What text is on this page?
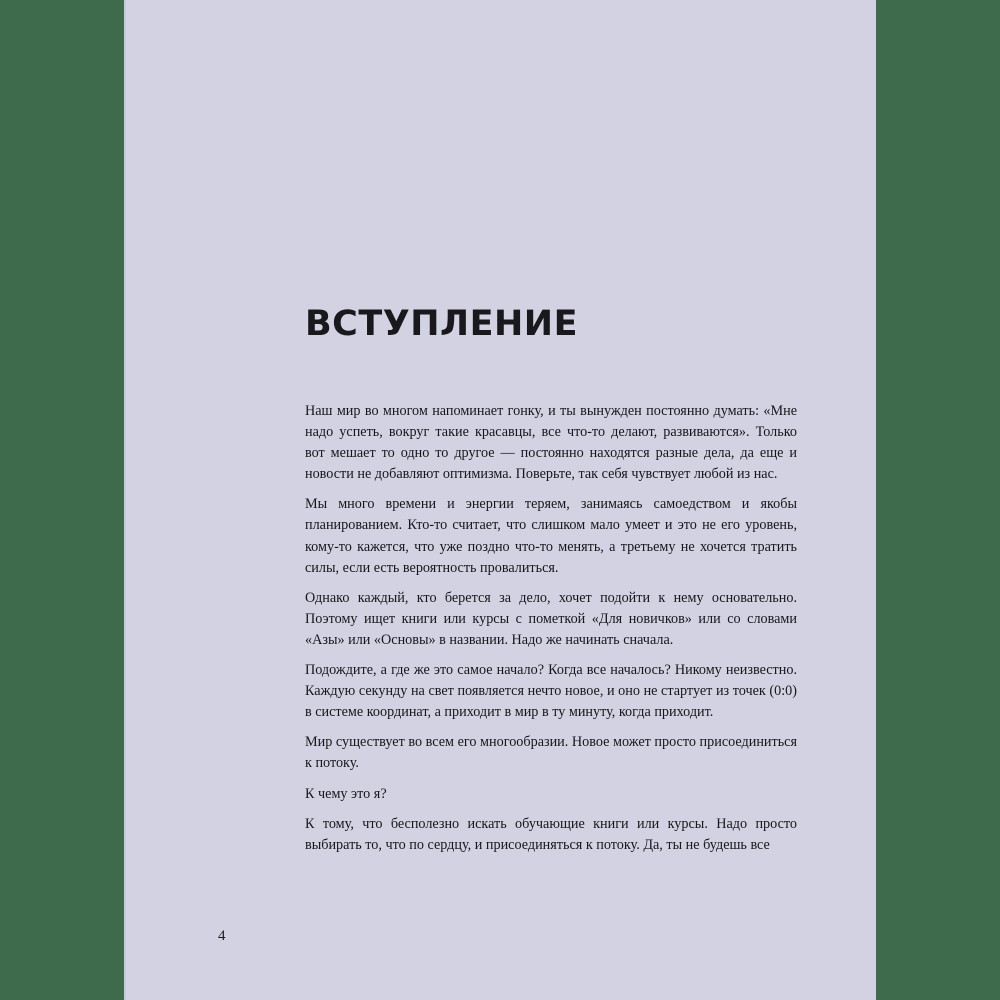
ВСТУПЛЕНИЕ

Наш мир во многом напоминает гонку, и ты вынужден постоянно думать: «Мне надо успеть, вокруг такие красавцы, все что-то делают, развиваются». Только вот мешает то одно то другое — постоянно находятся разные дела, да еще и новости не добавляют оптимизма. Поверьте, так себя чувствует любой из нас.

Мы много времени и энергии теряем, занимаясь самоедством и якобы планированием. Кто-то считает, что слишком мало умеет и это не его уровень, кому-то кажется, что уже поздно что-то менять, а третьему не хочется тратить силы, если есть вероятность провалиться.

Однако каждый, кто берется за дело, хочет подойти к нему основательно. Поэтому ищет книги или курсы с пометкой «Для новичков» или со словами «Азы» или «Основы» в названии. Надо же начинать сначала.

Подождите, а где же это самое начало? Когда все началось? Никому неизвестно. Каждую секунду на свет появляется нечто новое, и оно не стартует из точек (0:0) в системе координат, а приходит в мир в ту минуту, когда приходит.

Мир существует во всем его многообразии. Новое может просто присоединиться к потоку.

К чему это я?

К тому, что бесполезно искать обучающие книги или курсы. Надо просто выбирать то, что по сердцу, и присоединяться к потоку. Да, ты не будешь все

4
